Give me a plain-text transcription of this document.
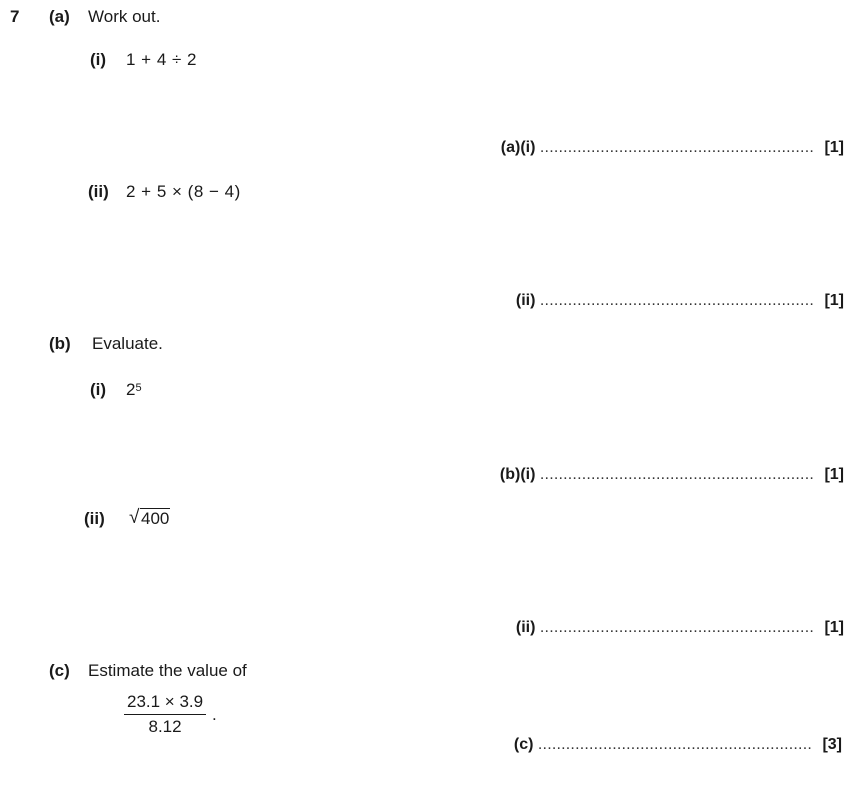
7 (a) Work out.
(i) 1 + 4 ÷ 2
(ii) 2 + 5 × (8 − 4)
(b) Evaluate.
(i) $2^5$
(ii) √ 400
(c) Estimate the value of
$\frac{23.1 \times 3.9}{8.12}$ .
(a)(i) ........................................................... [1]
(ii) ........................................................... [1]
(b)(i) ........................................................... [1]
(ii) ........................................................... [1]
(c) ........................................................... [3]
